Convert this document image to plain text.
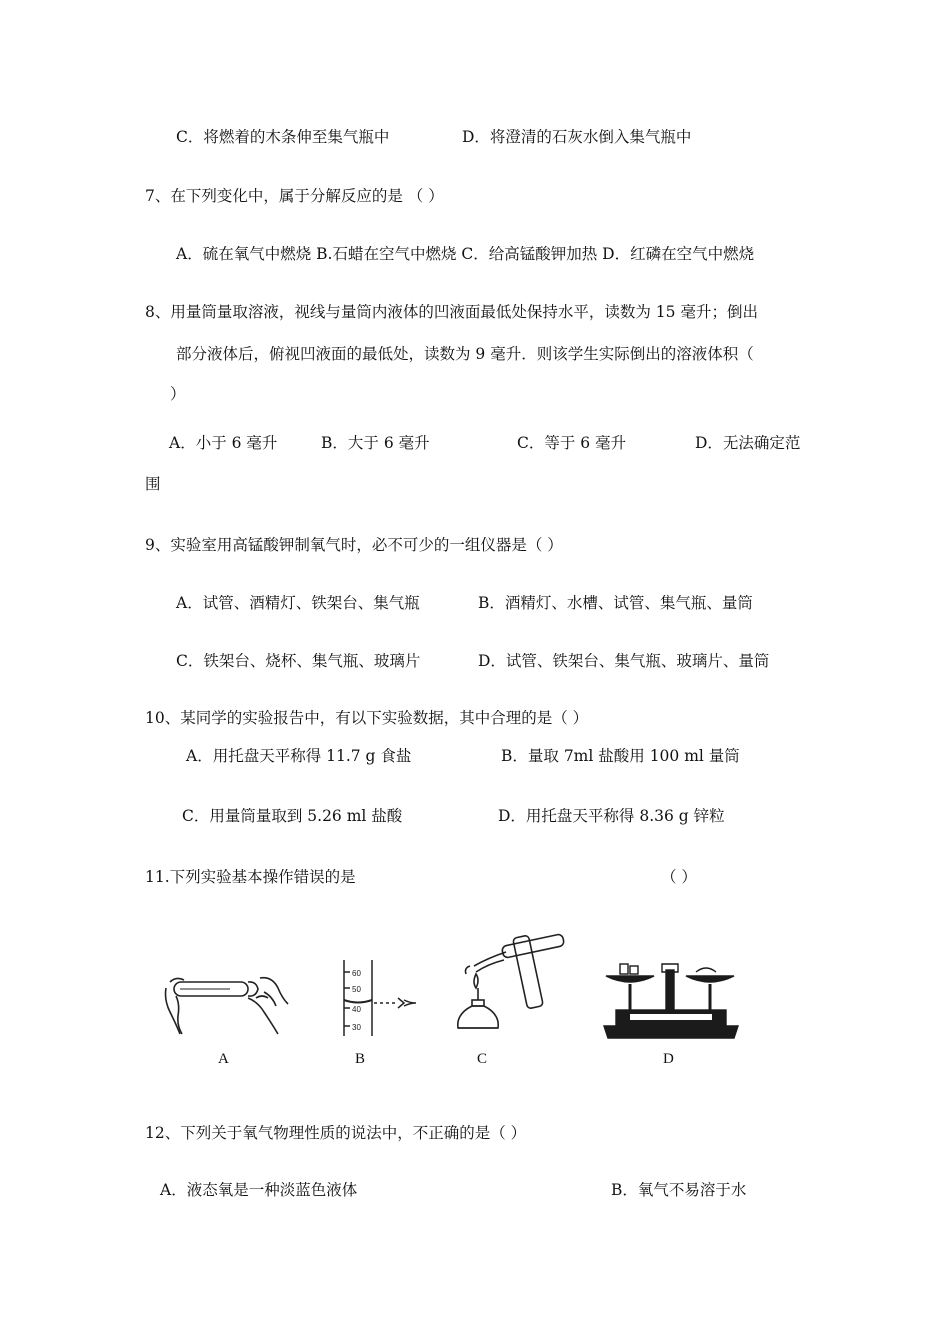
C．将燃着的木条伸至集气瓶中	D．将澄清的石灰水倒入集气瓶中
7、在下列变化中，属于分解反应的是 （ ）
A．硫在氧气中燃烧 B.石蜡在空气中燃烧 C．给高锰酸钾加热 D．红磷在空气中燃烧
8、用量筒量取溶液，视线与量筒内液体的凹液面最低处保持水平，读数为 15 毫升；倒出
部分液体后，俯视凹液面的最低处，读数为 9 毫升．则该学生实际倒出的溶液体积（
）
A．小于 6 毫升	B．大于 6 毫升	C．等于 6 毫升	D．无法确定范
围
9、实验室用高锰酸钾制氧气时，必不可少的一组仪器是（ ）
A．试管、酒精灯、铁架台、集气瓶	B．酒精灯、水槽、试管、集气瓶、量筒
C．铁架台、烧杯、集气瓶、玻璃片	D．试管、铁架台、集气瓶、玻璃片、量筒
10、某同学的实验报告中，有以下实验数据，其中合理的是（ ）
A．用托盘天平称得 11.7 g 食盐	B．量取 7ml 盐酸用 100 ml 量筒
C．用量筒量取到 5.26 ml 盐酸	D．用托盘天平称得 8.36 g 锌粒
11.下列实验基本操作错误的是	（ ）
A
60
50
40
30
B	C	D
12、下列关于氧气物理性质的说法中，不正确的是（ ）
A．液态氧是一种淡蓝色液体	B．氧气不易溶于水
